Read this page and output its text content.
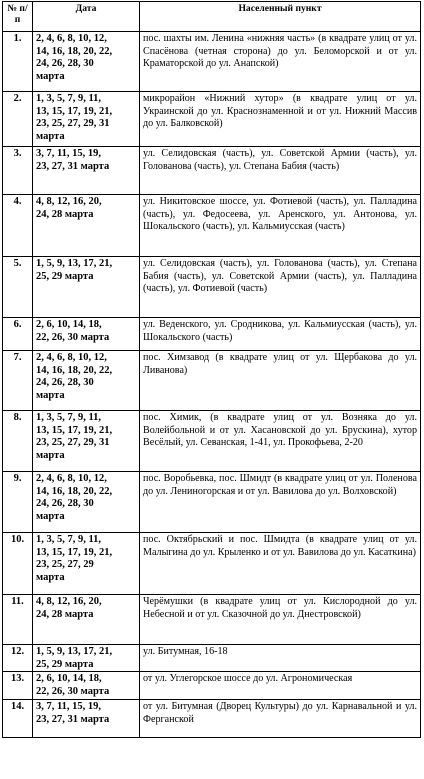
№ п/п	Дата	Населенный пункт
1.	2, 4, 6, 8, 10, 12,
14, 16, 18, 20, 22,
24, 26, 28, 30
марта	пос. шахты им. Ленина «нижняя часть» (в квадрате улиц от ул. Спасёнова (четная сторона) до ул. Беломорской и от ул. Краматорской до ул. Анапской)
2.	1, 3, 5, 7, 9, 11,
13, 15, 17, 19, 21,
23, 25, 27, 29, 31
марта	микрорайон «Нижний хутор» (в квадрате улиц от ул. Украинской до ул. Краснознаменной и от ул. Нижний Массив до ул. Балковской)
3.	3, 7, 11, 15, 19,
23, 27, 31 марта	ул. Селидовская (часть), ул. Советской Армии (часть), ул. Голованова (часть), ул. Степана Бабия (часть)
4.	4, 8, 12, 16, 20,
24, 28 марта	ул. Никитовское шоссе, ул. Фотиевой (часть), ул. Палладина (часть), ул. Федосеева, ул. Аренского, ул. Антонова, ул. Шокальского (часть), ул. Кальмиусская (часть)
5.	1, 5, 9, 13, 17, 21,
25, 29 марта	ул. Селидовская (часть), ул. Голованова (часть), ул. Степана Бабия (часть), ул. Советской Армии (часть), ул. Палладина (часть), ул. Фотиевой (часть)
6.	2, 6, 10, 14, 18,
22, 26, 30 марта	ул. Веденского, ул. Сродникова, ул. Кальмиусская (часть), ул. Шокальского (часть)
7.	2, 4, 6, 8, 10, 12,
14, 16, 18, 20, 22,
24, 26, 28, 30
марта	пос. Химзавод (в квадрате улиц от ул. Щербакова до ул. Ливанова)
8.	1, 3, 5, 7, 9, 11,
13, 15, 17, 19, 21,
23, 25, 27, 29, 31
марта	пос. Химик, (в квадрате улиц от ул. Возняка до ул. Волейбольной и от ул. Хасановской до ул. Брускина), хутор Весёлый, ул. Севанская, 1-41, ул. Прокофьева, 2-20
9.	2, 4, 6, 8, 10, 12,
14, 16, 18, 20, 22,
24, 26, 28, 30
марта	пос. Воробьевка, пос. Шмидт (в квадрате улиц от ул. Поленова до ул. Лениногорская и от ул. Вавилова до ул. Волховской)
10.	1, 3, 5, 7, 9, 11,
13, 15, 17, 19, 21,
23, 25, 27, 29
марта	пос. Октябрьский и пос. Шмидта (в квадрате улиц от ул. Малыгина до ул. Крыленко и от ул. Вавилова до ул. Касаткина)
11.	4, 8, 12, 16, 20,
24, 28 марта	Черёмушки (в квадрате улиц от ул. Кислородной до ул. Небесной и от ул. Сказочной до ул. Днестровской)
12.	1, 5, 9, 13, 17, 21,
25, 29 марта	ул. Битумная, 16-18
13.	2, 6, 10, 14, 18,
22, 26, 30 марта	от ул. Углегорское шоссе до ул. Агрономическая
14.	3, 7, 11, 15, 19,
23, 27, 31 марта	от ул. Битумная (Дворец Культуры) до ул. Карнавальной и ул. Ферганской
